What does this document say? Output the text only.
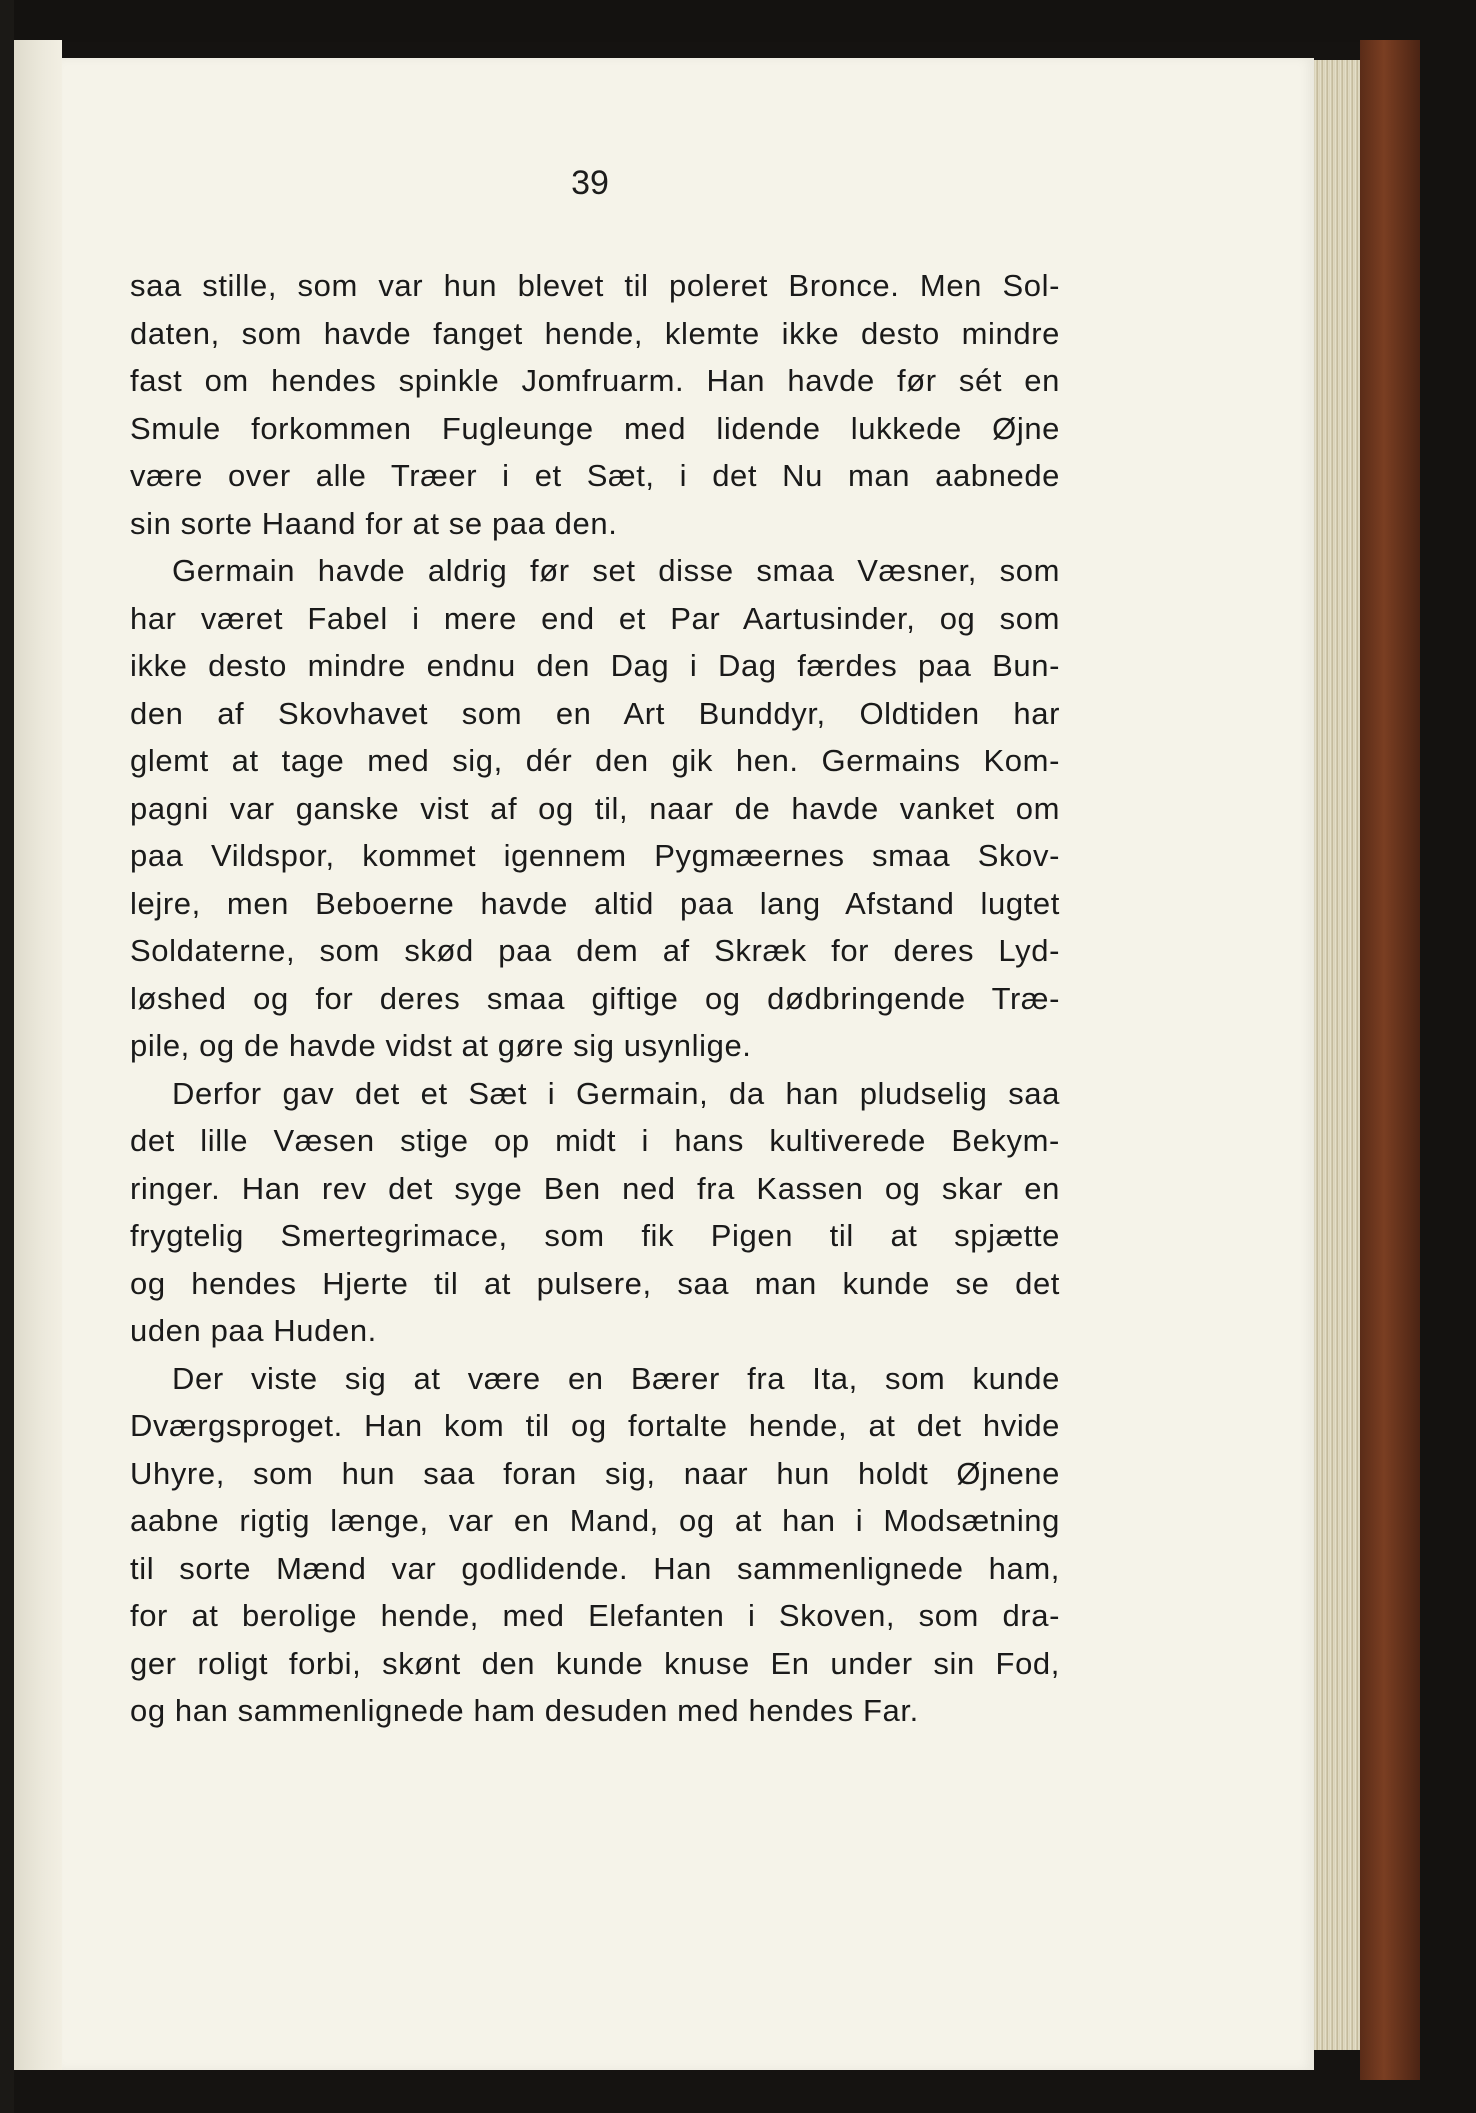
39
saa stille, som var hun blevet til poleret Bronce. Men Sol-
daten, som havde fanget hende, klemte ikke desto mindre
fast om hendes spinkle Jomfruarm. Han havde før sét en
Smule forkommen Fugleunge med lidende lukkede Øjne
være over alle Træer i et Sæt, i det Nu man aabnede
sin sorte Haand for at se paa den.
Germain havde aldrig før set disse smaa Væsner, som
har været Fabel i mere end et Par Aartusinder, og som
ikke desto mindre endnu den Dag i Dag færdes paa Bun-
den af Skovhavet som en Art Bunddyr, Oldtiden har
glemt at tage med sig, dér den gik hen. Germains Kom-
pagni var ganske vist af og til, naar de havde vanket om
paa Vildspor, kommet igennem Pygmæernes smaa Skov-
lejre, men Beboerne havde altid paa lang Afstand lugtet
Soldaterne, som skød paa dem af Skræk for deres Lyd-
løshed og for deres smaa giftige og dødbringende Træ-
pile, og de havde vidst at gøre sig usynlige.
Derfor gav det et Sæt i Germain, da han pludselig saa
det lille Væsen stige op midt i hans kultiverede Bekym-
ringer. Han rev det syge Ben ned fra Kassen og skar en
frygtelig Smertegrimace, som fik Pigen til at spjætte
og hendes Hjerte til at pulsere, saa man kunde se det
uden paa Huden.
Der viste sig at være en Bærer fra Ita, som kunde
Dværgsproget. Han kom til og fortalte hende, at det hvide
Uhyre, som hun saa foran sig, naar hun holdt Øjnene
aabne rigtig længe, var en Mand, og at han i Modsætning
til sorte Mænd var godlidende. Han sammenlignede ham,
for at berolige hende, med Elefanten i Skoven, som dra-
ger roligt forbi, skønt den kunde knuse En under sin Fod,
og han sammenlignede ham desuden med hendes Far.
